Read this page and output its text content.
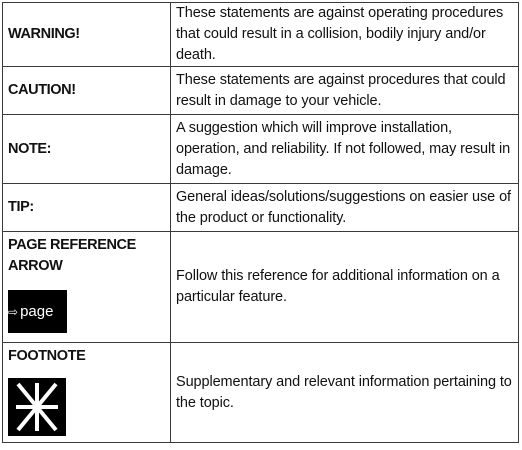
WARNING!	These statements are against operating procedures that could result in a collision, bodily injury and/or death.

CAUTION!	These statements are against procedures that could result in damage to your vehicle.

NOTE:	A suggestion which will improve installation, operation, and reliability. If not followed, may result in damage.

TIP:	General ideas/solutions/suggestions on easier use of the product or functionality.

PAGE REFERENCE ARROW
⇨ page	Follow this reference for additional information on a particular feature.

FOOTNOTE	Supplementary and relevant information pertaining to the topic.
